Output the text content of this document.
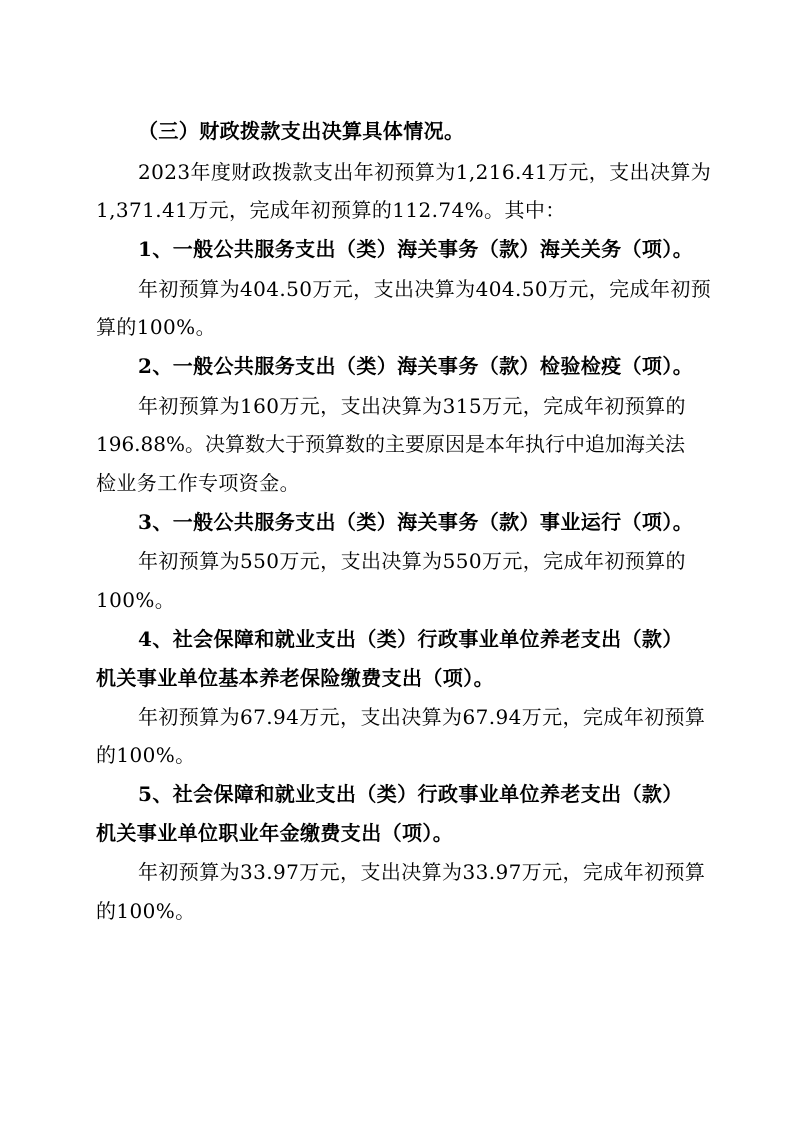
（三）财政拨款支出决算具体情况。
2023年度财政拨款支出年初预算为1,216.41万元，支出决算为
1,371.41万元，完成年初预算的112.74%。其中：
1、一般公共服务支出（类）海关事务（款）海关关务（项）。
年初预算为404.50万元，支出决算为404.50万元，完成年初预
算的100%。
2、一般公共服务支出（类）海关事务（款）检验检疫（项）。
年初预算为160万元，支出决算为315万元，完成年初预算的
196.88%。决算数大于预算数的主要原因是本年执行中追加海关法
检业务工作专项资金。
3、一般公共服务支出（类）海关事务（款）事业运行（项）。
年初预算为550万元，支出决算为550万元，完成年初预算的
100%。
4、社会保障和就业支出（类）行政事业单位养老支出（款）
机关事业单位基本养老保险缴费支出（项）。
年初预算为67.94万元，支出决算为67.94万元，完成年初预算
的100%。
5、社会保障和就业支出（类）行政事业单位养老支出（款）
机关事业单位职业年金缴费支出（项）。
年初预算为33.97万元，支出决算为33.97万元，完成年初预算
的100%。
